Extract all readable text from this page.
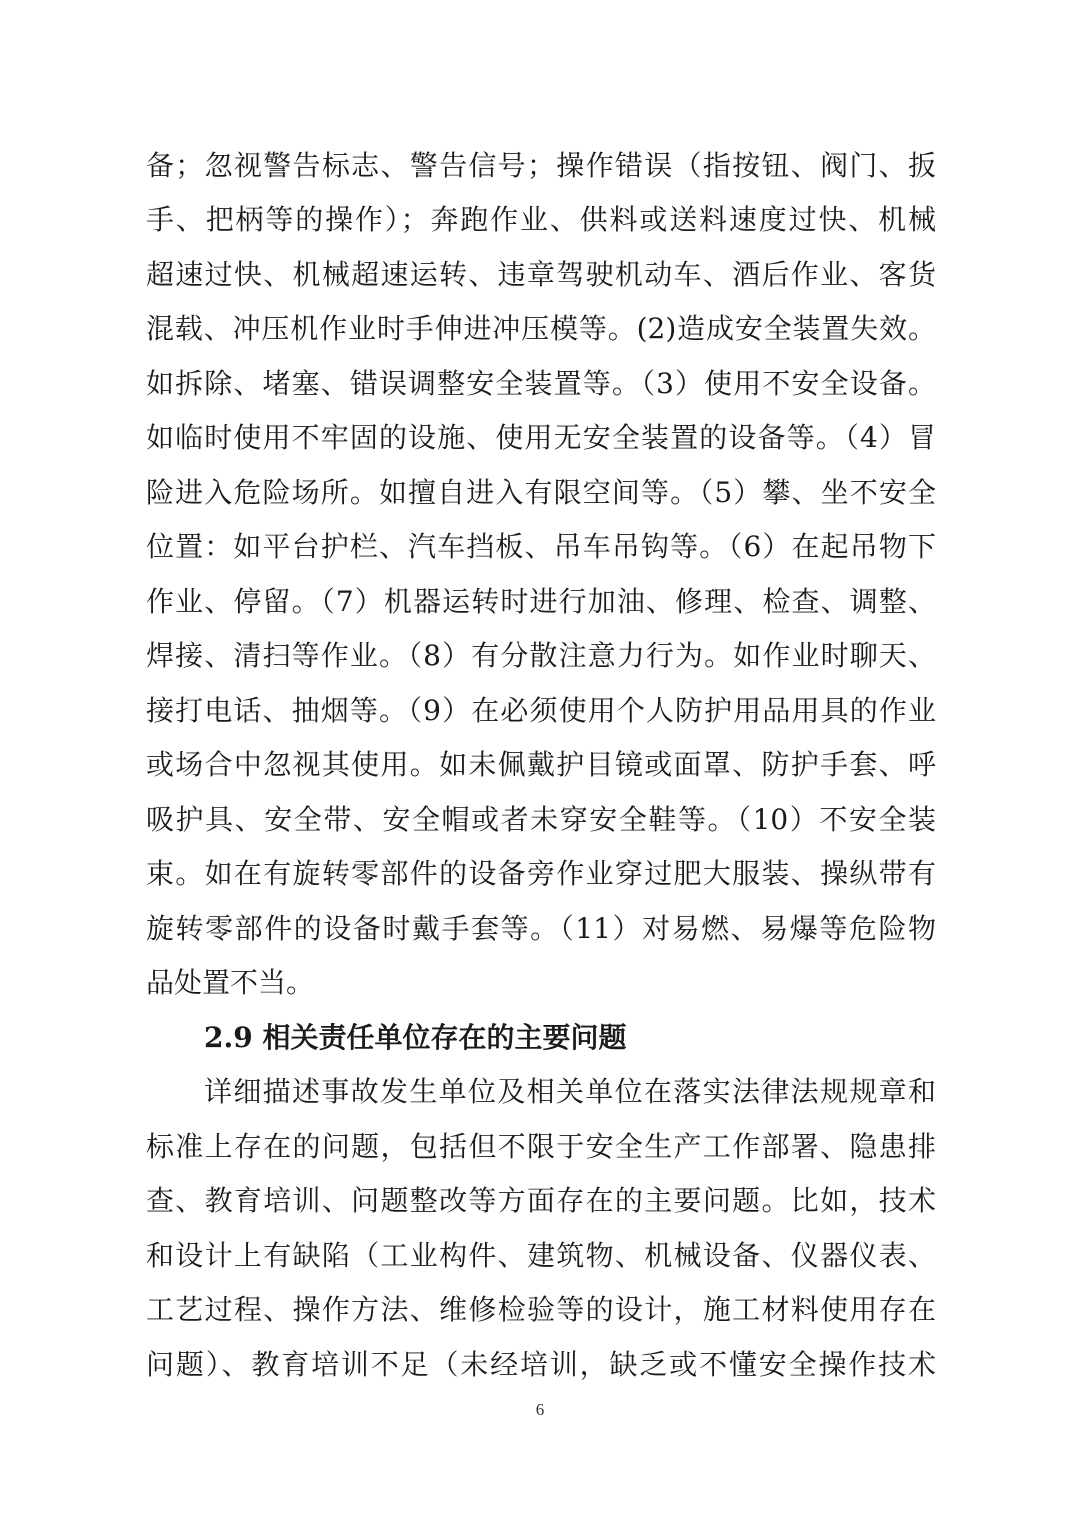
备；忽视警告标志、警告信号；操作错误（指按钮、阀门、扳
手、把柄等的操作）；奔跑作业、供料或送料速度过快、机械
超速过快、机械超速运转、违章驾驶机动车、酒后作业、客货
混载、冲压机作业时手伸进冲压模等。(2)造成安全装置失效。
如拆除、堵塞、错误调整安全装置等。（3）使用不安全设备。
如临时使用不牢固的设施、使用无安全装置的设备等。（4）冒
险进入危险场所。如擅自进入有限空间等。（5）攀、坐不安全
位置：如平台护栏、汽车挡板、吊车吊钩等。（6）在起吊物下
作业、停留。（7）机器运转时进行加油、修理、检查、调整、
焊接、清扫等作业。（8）有分散注意力行为。如作业时聊天、
接打电话、抽烟等。（9）在必须使用个人防护用品用具的作业
或场合中忽视其使用。如未佩戴护目镜或面罩、防护手套、呼
吸护具、安全带、安全帽或者未穿安全鞋等。（10）不安全装
束。如在有旋转零部件的设备旁作业穿过肥大服装、操纵带有
旋转零部件的设备时戴手套等。（11）对易燃、易爆等危险物
品处置不当。
2.9 相关责任单位存在的主要问题
详细描述事故发生单位及相关单位在落实法律法规规章和
标准上存在的问题，包括但不限于安全生产工作部署、隐患排
查、教育培训、问题整改等方面存在的主要问题。比如，技术
和设计上有缺陷（工业构件、建筑物、机械设备、仪器仪表、
工艺过程、操作方法、维修检验等的设计，施工材料使用存在
问题）、教育培训不足（未经培训，缺乏或不懂安全操作技术
6
